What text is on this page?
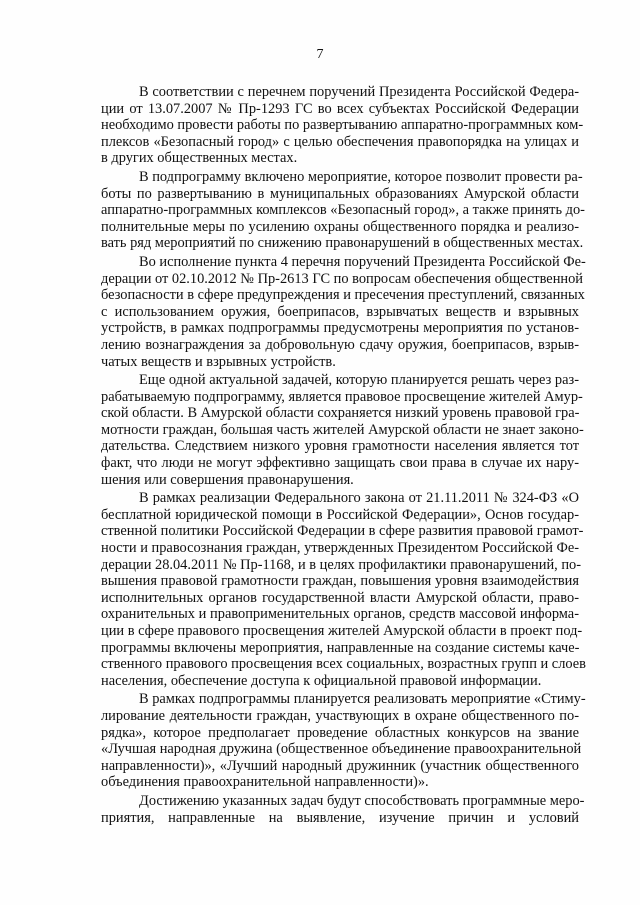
7
В соответствии с перечнем поручений Президента Российской Федера-
ции от 13.07.2007 № Пр-1293 ГС во всех субъектах Российской Федерации
необходимо провести работы по развертыванию аппаратно-программных ком-
плексов «Безопасный город» с целью обеспечения правопорядка на улицах и
в других общественных местах.
В подпрограмму включено мероприятие, которое позволит провести ра-
боты по развертыванию в муниципальных образованиях Амурской области
аппаратно-программных комплексов «Безопасный город», а также принять до-
полнительные меры по усилению охраны общественного порядка и реализо-
вать ряд мероприятий по снижению правонарушений в общественных местах.
Во исполнение пункта 4 перечня поручений Президента Российской Фе-
дерации от 02.10.2012 № Пр-2613 ГС по вопросам обеспечения общественной
безопасности в сфере предупреждения и пресечения преступлений, связанных
с использованием оружия, боеприпасов, взрывчатых веществ и взрывных
устройств, в рамках подпрограммы предусмотрены мероприятия по установ-
лению вознаграждения за добровольную сдачу оружия, боеприпасов, взрыв-
чатых веществ и взрывных устройств.
Еще одной актуальной задачей, которую планируется решать через раз-
рабатываемую подпрограмму, является правовое просвещение жителей Амур-
ской области. В Амурской области сохраняется низкий уровень правовой гра-
мотности граждан, большая часть жителей Амурской области не знает законо-
дательства. Следствием низкого уровня грамотности населения является тот
факт, что люди не могут эффективно защищать свои права в случае их нару-
шения или совершения правонарушения.
В рамках реализации Федерального закона от 21.11.2011 № 324-ФЗ «О
бесплатной юридической помощи в Российской Федерации», Основ государ-
ственной политики Российской Федерации в сфере развития правовой грамот-
ности и правосознания граждан, утвержденных Президентом Российской Фе-
дерации 28.04.2011 № Пр-1168, и в целях профилактики правонарушений, по-
вышения правовой грамотности граждан, повышения уровня взаимодействия
исполнительных органов государственной власти Амурской области, право-
охранительных и правоприменительных органов, средств массовой информа-
ции в сфере правового просвещения жителей Амурской области в проект под-
программы включены мероприятия, направленные на создание системы каче-
ственного правового просвещения всех социальных, возрастных групп и слоев
населения, обеспечение доступа к официальной правовой информации.
В рамках подпрограммы планируется реализовать мероприятие «Стиму-
лирование деятельности граждан, участвующих в охране общественного по-
рядка», которое предполагает проведение областных конкурсов на звание
«Лучшая народная дружина (общественное объединение правоохранительной
направленности)», «Лучший народный дружинник (участник общественного
объединения правоохранительной направленности)».
Достижению указанных задач будут способствовать программные меро-
приятия, направленные на выявление, изучение причин и условий
